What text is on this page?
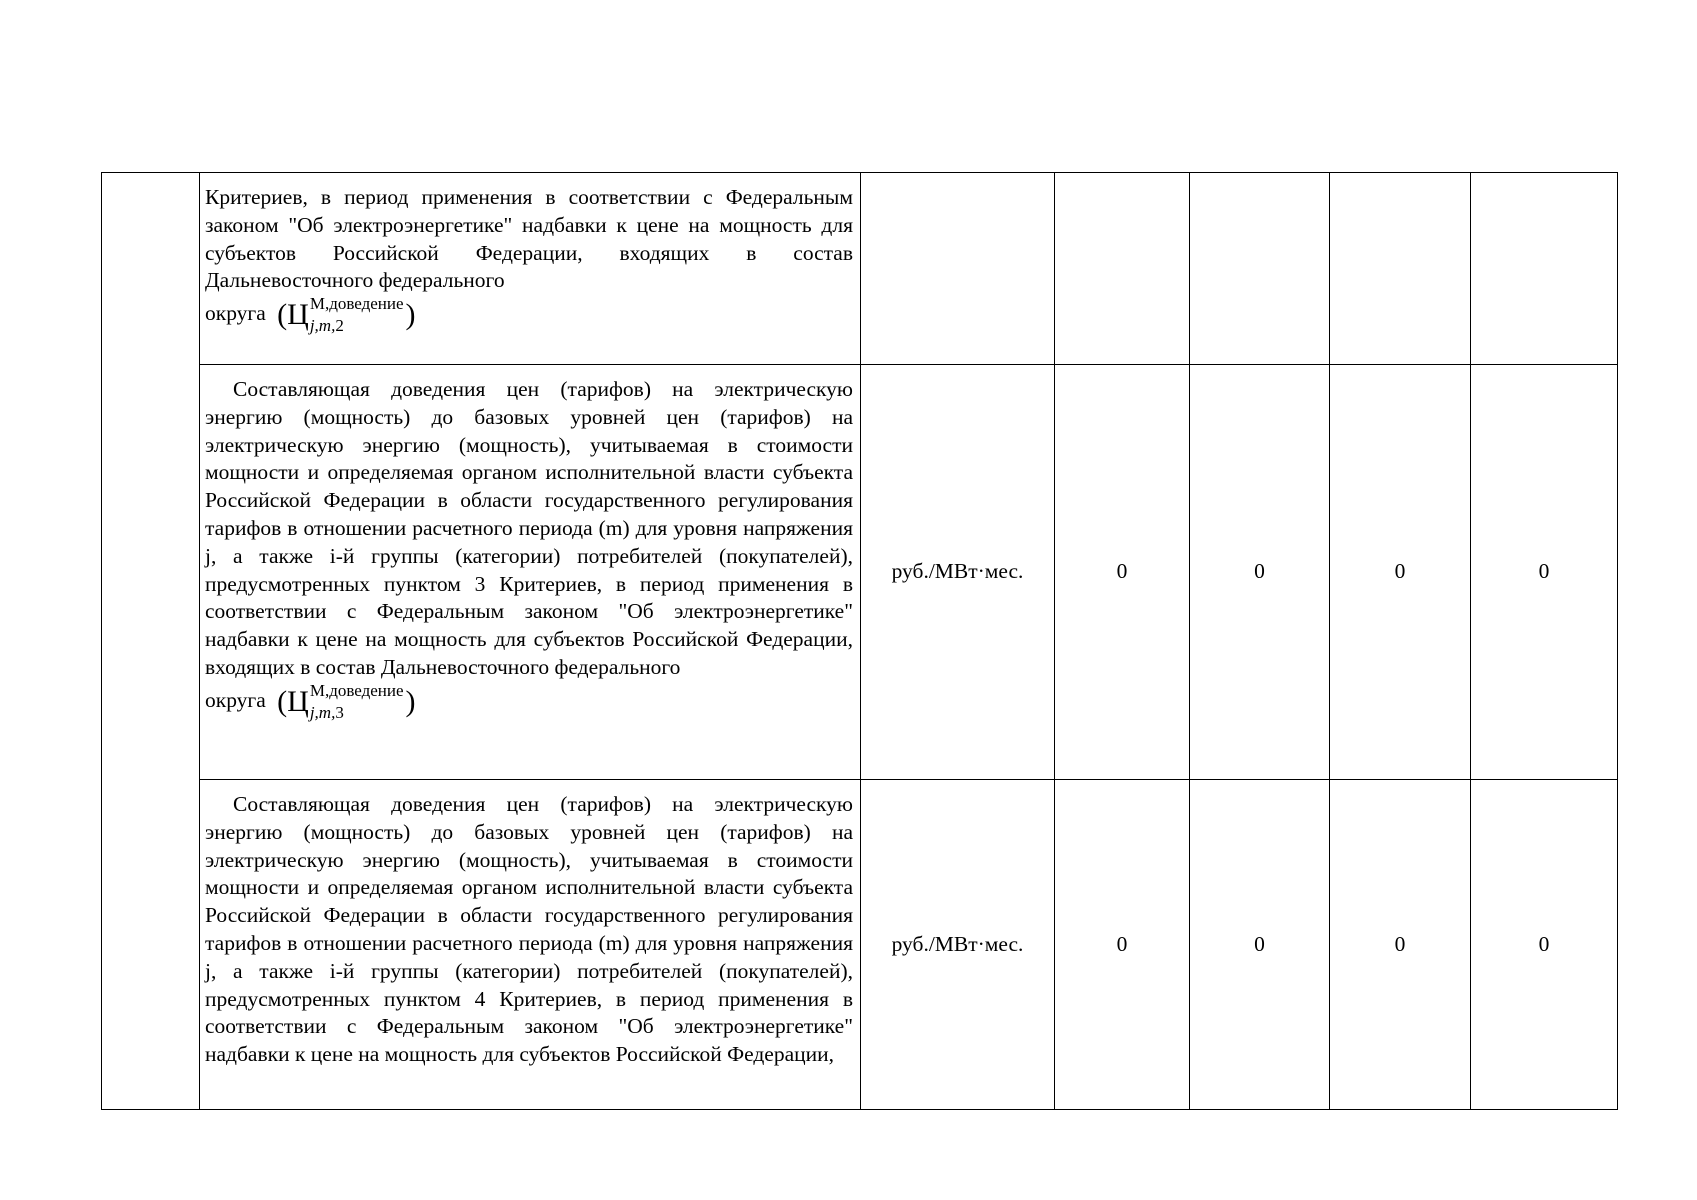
	Критериев, в период применения в соответствии с Федеральным законом "Об электроэнергетике" надбавки к цене на мощность для субъектов Российской Федерации, входящих в состав Дальневосточного федерального
округа (Ц М,доведение
j,m,2 )					

	Составляющая доведения цен (тарифов) на электрическую энергию (мощность) до базовых уровней цен (тарифов) на электрическую энергию (мощность), учитываемая в стоимости мощности и определяемая органом исполнительной власти субъекта Российской Федерации в области государственного регулирования тарифов в отношении расчетного периода (m) для уровня напряжения j, а также i-й группы (категории) потребителей (покупателей), предусмотренных пунктом 3 Критериев, в период применения в соответствии с Федеральным законом "Об электроэнергетике" надбавки к цене на мощность для субъектов Российской Федерации, входящих в состав Дальневосточного федерального
округа (Ц М,доведение
j,m,3 )	руб./МВт·мес.	0	0	0	0
	Составляющая доведения цен (тарифов) на электрическую энергию (мощность) до базовых уровней цен (тарифов) на электрическую энергию (мощность), учитываемая в стоимости мощности и определяемая органом исполнительной власти субъекта Российской Федерации в области государственного регулирования тарифов в отношении расчетного периода (m) для уровня напряжения j, а также i-й группы (категории) потребителей (покупателей), предусмотренных пунктом 4 Критериев, в период применения в соответствии с Федеральным законом "Об электроэнергетике" надбавки к цене на мощность для субъектов Российской Федерации,	руб./МВт·мес.	0	0	0	0
